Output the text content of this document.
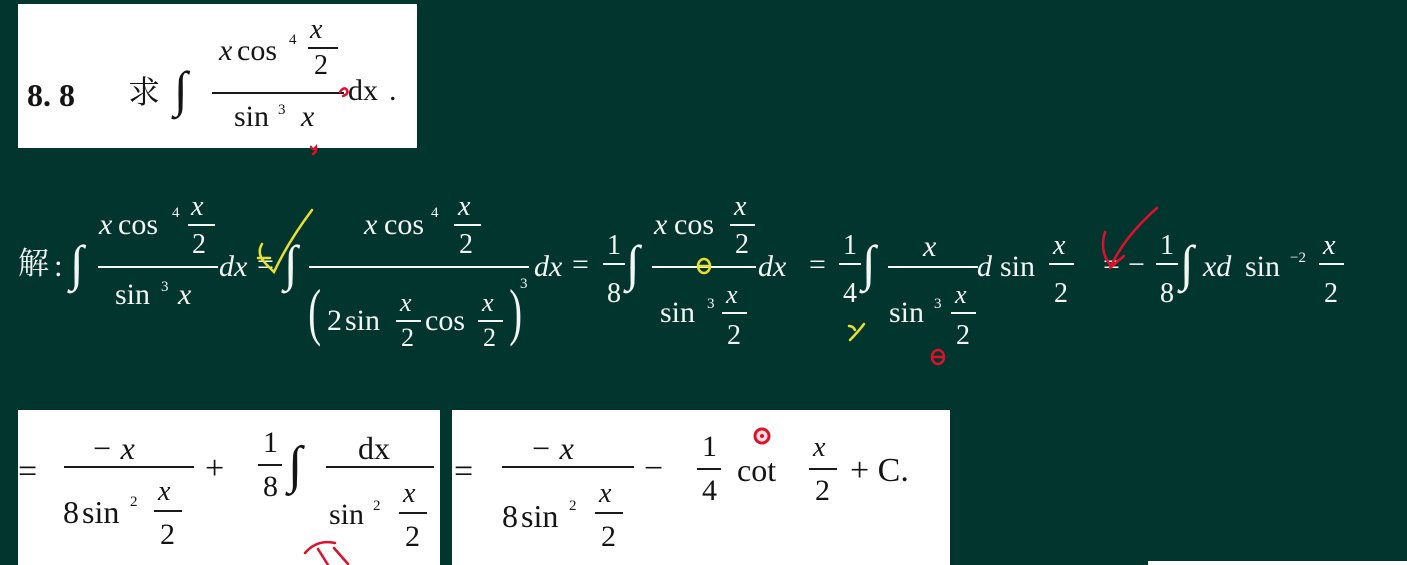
8. 8 求 ∫
x cos 4 x
2
sin 3 x
dx .
解 : ∫
x cos 4 x
2
sin 3 x
dx = ∫
x cos 4 x
2
( 2 sin
x
2
cos
x
2 )
3
dx =
1
8
∫
x cos
x
2
sin 3 x
2
dx =
1
4
∫ x
sin 3 x
2
d sin
x
2
= −
1
8
∫ xd sin −2 x
2
=
− x
8 sin 2 x
2
+
1
8 ∫ dx
sin 2 x
2
=
− x
8 sin 2 x
2
−
1
4
cot
x
2
+ C.
